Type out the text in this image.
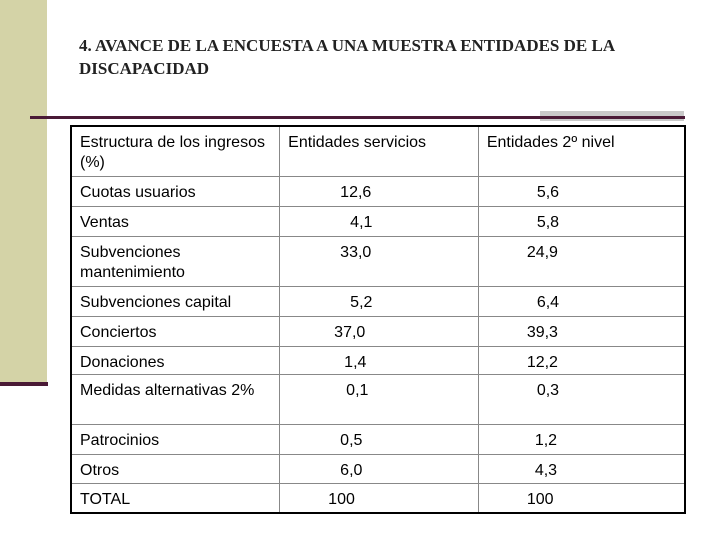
4. AVANCE DE LA ENCUESTA A UNA MUESTRA ENTIDADES DE LA DISCAPACIDAD
Estructura de los ingresos (%)	Entidades servicios	Entidades 2º nivel
Cuotas usuarios	12,6	5,6
Ventas	4,1	5,8
Subvenciones mantenimiento	33,0	24,9
Subvenciones capital	5,2	6,4
Conciertos	37,0	39,3
Donaciones	1,4	12,2
Medidas alternativas 2%	0,1	0,3
Patrocinios	0,5	1,2
Otros	6,0	4,3
TOTAL	100	100
